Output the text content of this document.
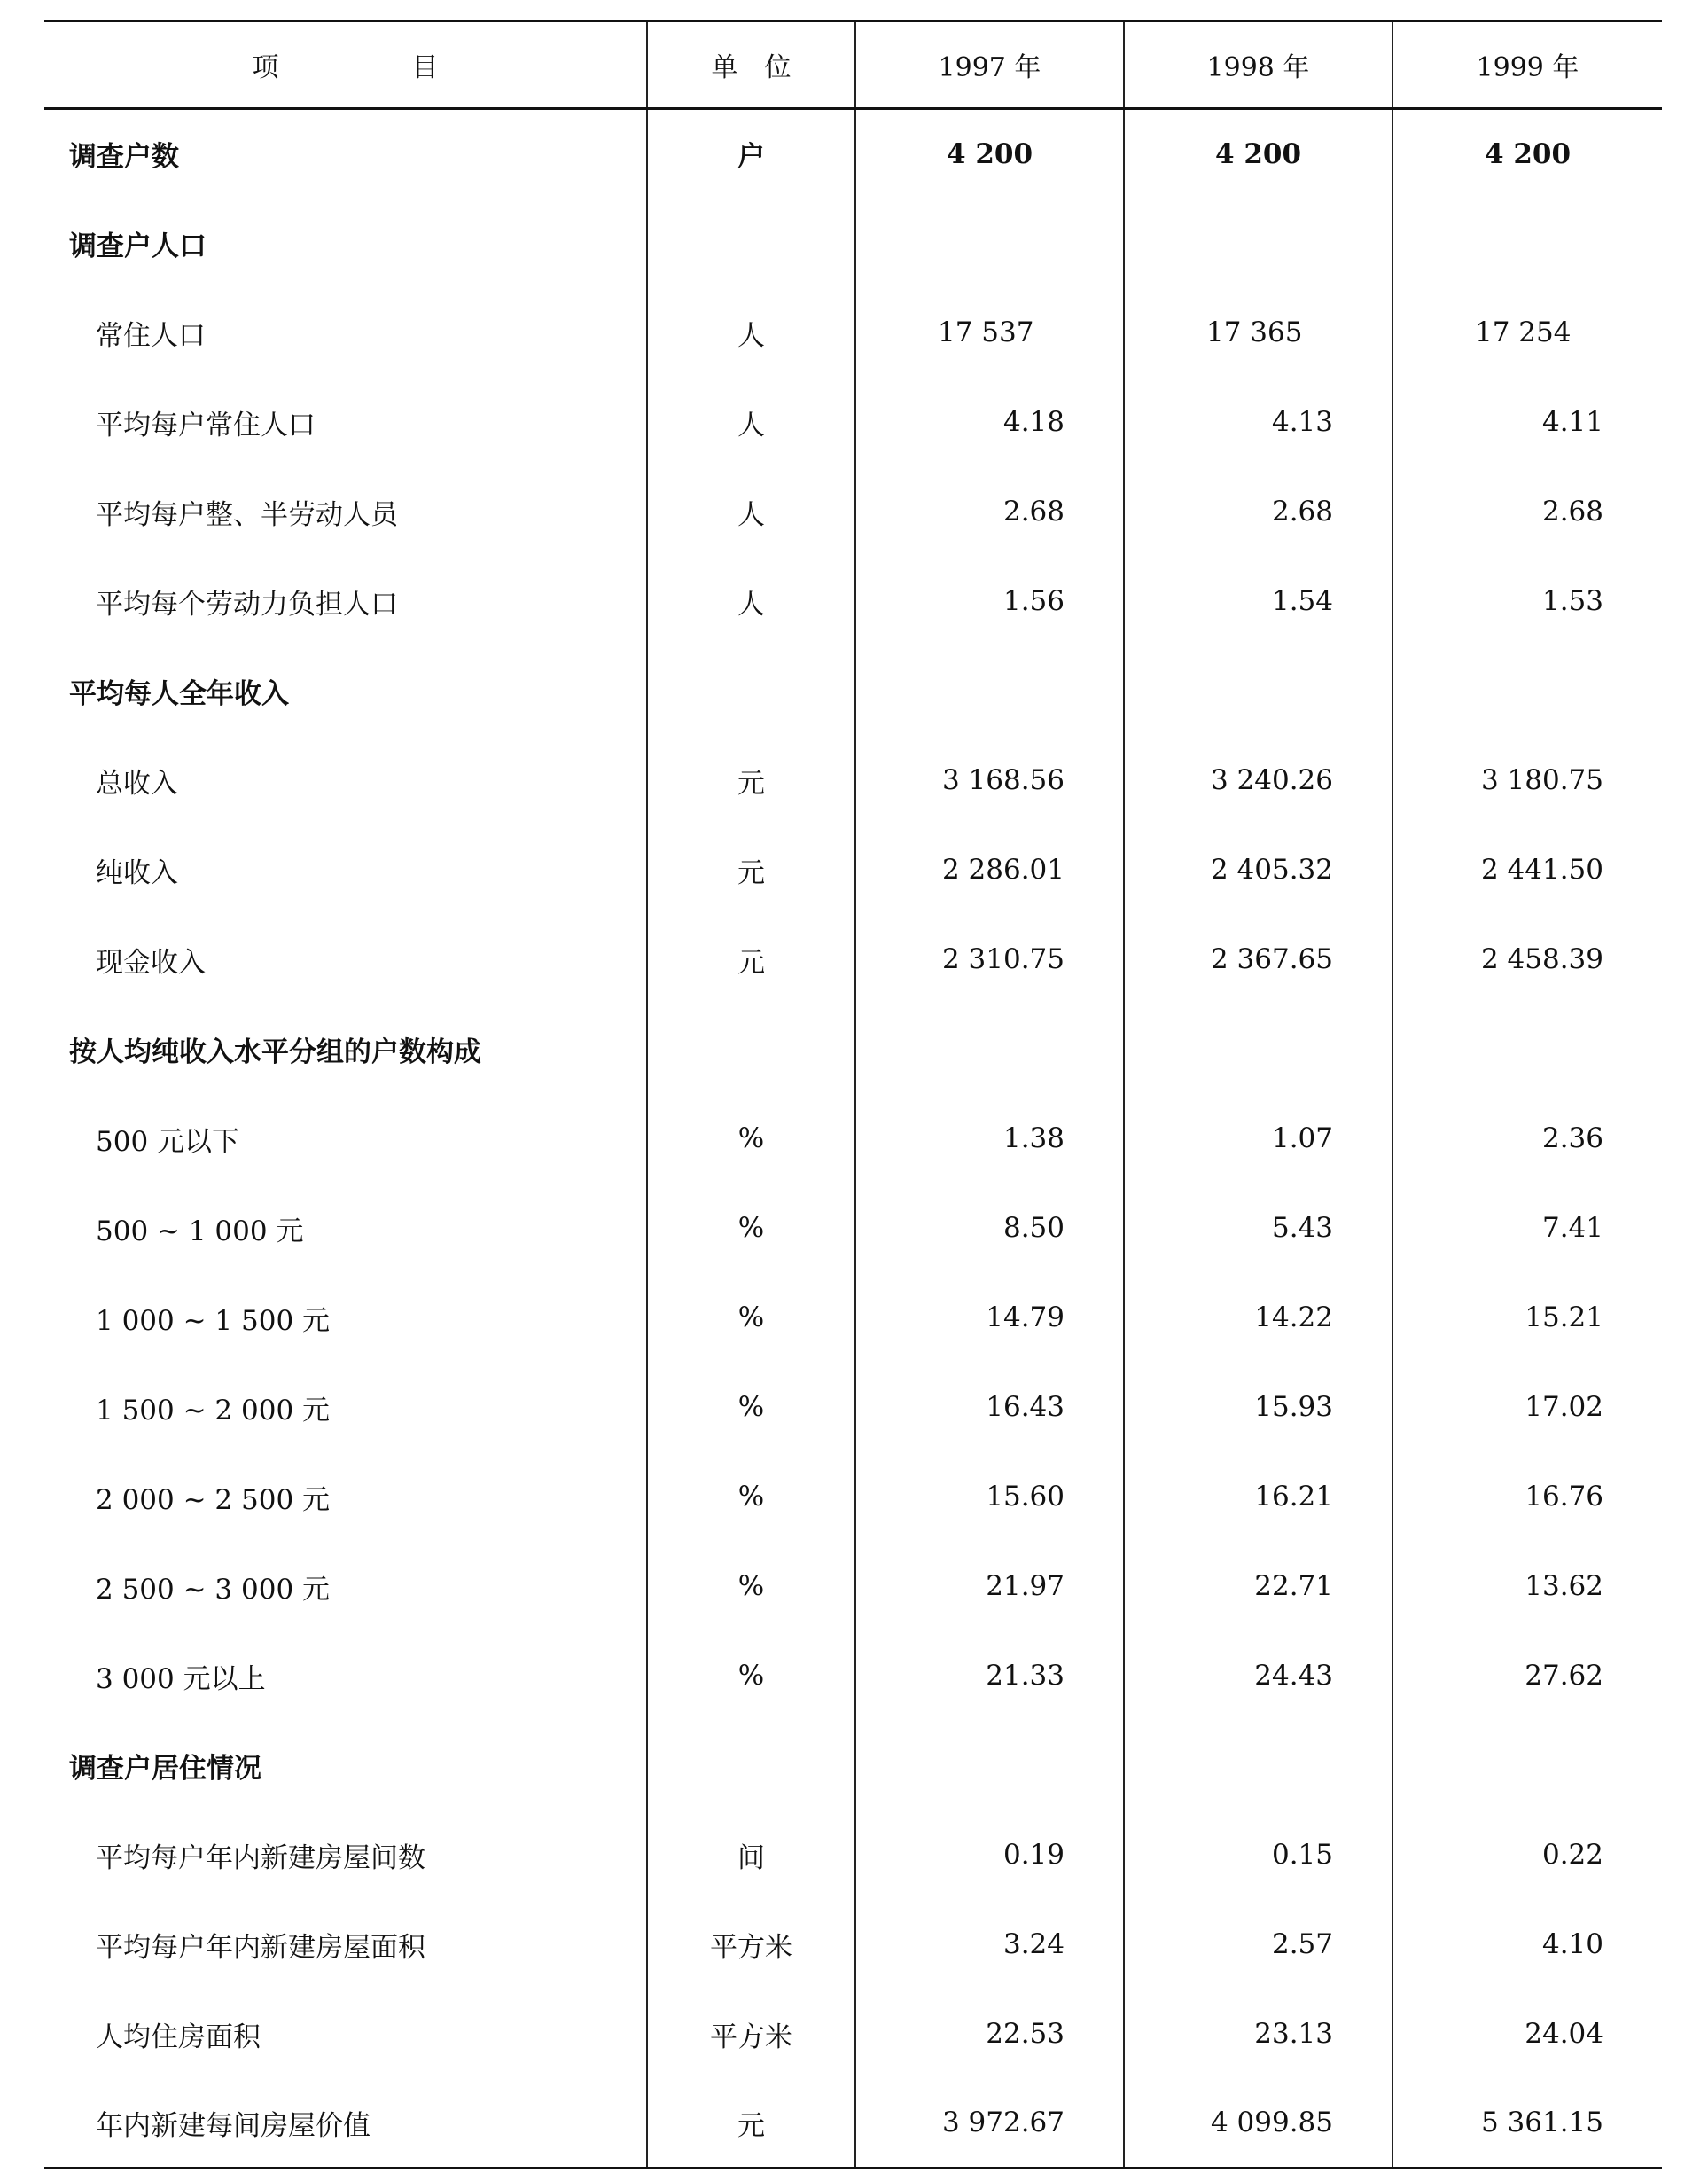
项　　　　　目	单　位	1997 年	1998 年	1999 年
调查户数	户	4 200	4 200	4 200
调查户人口				
常住人口	人	17 537	17 365	17 254
平均每户常住人口	人	4.18	4.13	4.11
平均每户整、半劳动人员	人	2.68	2.68	2.68
平均每个劳动力负担人口	人	1.56	1.54	1.53
平均每人全年收入				
总收入	元	3 168.56	3 240.26	3 180.75
纯收入	元	2 286.01	2 405.32	2 441.50
现金收入	元	2 310.75	2 367.65	2 458.39
按人均纯收入水平分组的户数构成				
500 元以下	%	1.38	1.07	2.36
500 ~ 1 000 元	%	8.50	5.43	7.41
1 000 ~ 1 500 元	%	14.79	14.22	15.21
1 500 ~ 2 000 元	%	16.43	15.93	17.02
2 000 ~ 2 500 元	%	15.60	16.21	16.76
2 500 ~ 3 000 元	%	21.97	22.71	13.62
3 000 元以上	%	21.33	24.43	27.62
调查户居住情况				
平均每户年内新建房屋间数	间	0.19	0.15	0.22
平均每户年内新建房屋面积	平方米	3.24	2.57	4.10
人均住房面积	平方米	22.53	23.13	24.04
年内新建每间房屋价值	元	3 972.67	4 099.85	5 361.15
